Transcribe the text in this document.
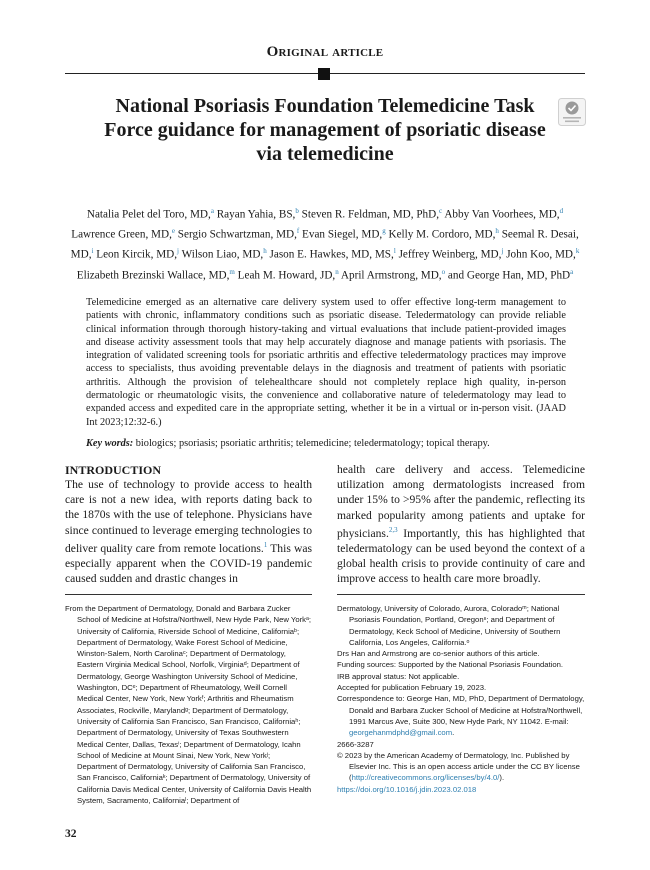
Original article
National Psoriasis Foundation Telemedicine Task Force guidance for management of psoriatic disease via telemedicine
Natalia Pelet del Toro, MD,$^a$ Rayan Yahia, BS,$^b$ Steven R. Feldman, MD, PhD,$^c$ Abby Van Voorhees, MD,$^d$ Lawrence Green, MD,$^e$ Sergio Schwartzman, MD,$^f$ Evan Siegel, MD,$^g$ Kelly M. Cordoro, MD,$^h$ Seemal R. Desai, MD,$^i$ Leon Kircik, MD,$^j$ Wilson Liao, MD,$^h$ Jason E. Hawkes, MD, MS,$^l$ Jeffrey Weinberg, MD,$^j$ John Koo, MD,$^k$ Elizabeth Brezinski Wallace, MD,$^m$ Leah M. Howard, JD,$^n$ April Armstrong, MD,$^o$ and George Han, MD, PhD$^a$
Telemedicine emerged as an alternative care delivery system used to offer effective long-term management to patients with chronic, inflammatory conditions such as psoriatic disease. Teledermatology can provide reliable clinical information through thorough history-taking and virtual evaluations that include patient-provided images and disease activity assessment tools that may help accurately diagnose and manage patients with psoriasis. The integration of validated screening tools for psoriatic arthritis and effective teledermatology practices may improve access to specialists, thus avoiding preventable delays in the diagnosis and treatment of patients with psoriatic arthritis. Although the provision of telehealthcare should not completely replace high quality, in-person dermatologic or rheumatologic visits, the convenience and collaborative nature of teledermatology may lead to expanded access and expedited care in the appropriate setting, whether it be in a virtual or in-person visit. (JAAD Int 2023;12:32-6.)
Key words: biologics; psoriasis; psoriatic arthritis; telemedicine; teledermatology; topical therapy.
INTRODUCTION
The use of technology to provide access to health care is not a new idea, with reports dating back to the 1870s with the use of telephone. Physicians have since continued to leverage emerging technologies to deliver quality care from remote locations.$^1$ This was especially apparent when the COVID-19 pandemic caused sudden and drastic changes in
health care delivery and access. Telemedicine utilization among dermatologists increased from under 15% to >95% after the pandemic, reflecting its marked popularity among patients and uptake for physicians.$^{2,3}$ Importantly, this has highlighted that teledermatology can be used beyond the context of a global health crisis to provide continuity of care and improve access to health care more broadly.

From the Department of Dermatology, Donald and Barbara Zucker School of Medicine at Hofstra/Northwell, New Hyde Park, New Yorkᵃ; University of California, Riverside School of Medicine, Californiaᵇ; Department of Dermatology, Wake Forest School of Medicine, Winston-Salem, North Carolinaᶜ; Department of Dermatology, Eastern Virginia Medical School, Norfolk, Virginiaᵈ; Department of Dermatology, George Washington University School of Medicine, Washington, DCᵉ; Department of Rheumatology, Weill Cornell Medical Center, New York, New Yorkᶠ; Arthritis and Rheumatism Associates, Rockville, Marylandᵍ; Department of Dermatology, University of California San Francisco, San Francisco, Californiaʰ; Department of Dermatology, University of Texas Southwestern Medical Center, Dallas, Texasⁱ; Department of Dermatology, Icahn School of Medicine at Mount Sinai, New York, New Yorkʲ; Department of Dermatology, University of California San Francisco, San Francisco, Californiaᵏ; Department of Dermatology, University of California Davis Medical Center, University of California Davis Health System, Sacramento, Californiaˡ; Department of

Dermatology, University of Colorado, Aurora, Coloradoᵐ; National Psoriasis Foundation, Portland, Oregonⁿ; and Department of Dermatology, Keck School of Medicine, University of Southern California, Los Angeles, California.ᵒ

Drs Han and Armstrong are co-senior authors of this article.

Funding sources: Supported by the National Psoriasis Foundation.

IRB approval status: Not applicable.

Accepted for publication February 19, 2023.

Correspondence to: George Han, MD, PhD, Department of Dermatology, Donald and Barbara Zucker School of Medicine at Hofstra/Northwell, 1991 Marcus Ave, Suite 300, New Hyde Park, NY 11042. E-mail: georgehanmdphd@gmail.com.

2666-3287

© 2023 by the American Academy of Dermatology, Inc. Published by Elsevier Inc. This is an open access article under the CC BY license (http://creativecommons.org/licenses/by/4.0/).

https://doi.org/10.1016/j.jdin.2023.02.018

32
